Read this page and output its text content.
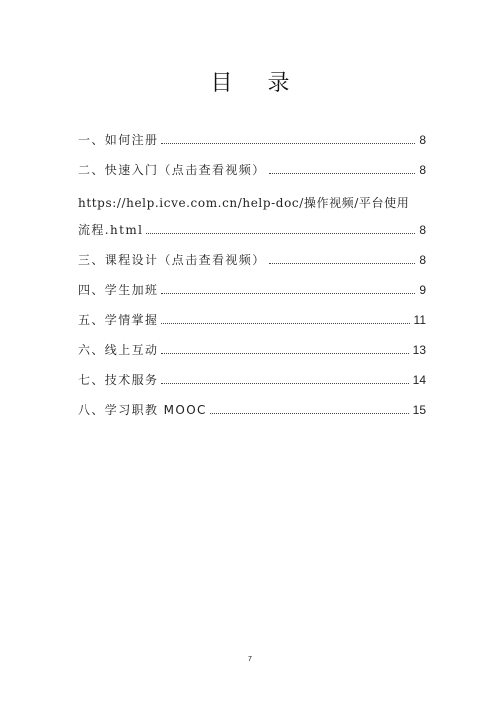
目 录
一、如何注册	8
二、快速入门（点击查看视频）	8
https://help.icve.com.cn/help-doc/操作视频/平台使用
流程.html	8
三、课程设计（点击查看视频）	8
四、学生加班	9
五、学情掌握	11
六、线上互动	13
七、技术服务	14
八、学习职教 MOOC	15
7
